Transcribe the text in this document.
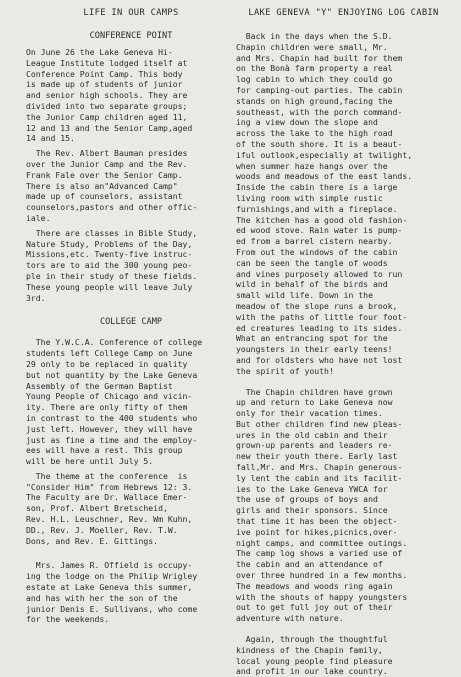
LIFE IN OUR CAMPS
CONFERENCE POINT
On June 26 the Lake Geneva Hi-
League Institute lodged itself at
Conference Point Camp. This body
is made up of students of junior
and senior high schools. They are
divided into two separate groups;
the Junior Camp children aged 11,
12 and 13 and the Senior Camp,aged
14 and 15.
The Rev. Albert Bauman presides
over the Junior Camp and the Rev.
Frank Fale over the Senior Camp.
There is also an"Advanced Camp"
made up of counselors, assistant
counselors,pastors and other offic-
iale.
There are classes in Bible Study,
Nature Study, Problems of the Day,
Missions,etc. Twenty-five instruc-
tors are to aid the 300 young peo-
ple in their study of these fields.
These young people will leave July
3rd.
COLLEGE CAMP
The Y.W.C.A. Conference of college
students left College Camp on June
29 only to be replaced in quality
but not quantity by the Lake Geneva
Assembly of the German Baptist
Young People of Chicago and vicin-
ity. There are only fifty of them
in contrast to the 400 students who
just left. However, they will have
just as fine a time and the employ-
ees will have a rest. This group
will be here until July 5.
The theme at the conference  is
"Consider Him" from Hebrews 12: 3.
The Faculty are Dr. Wallace Emer-
son, Prof. Albert Bretscheid,
Rev. H.L. Leuschner, Rev. Wm Kuhn,
DD., Rev. J. Moeller, Rev. T.W.
Dons, and Rev. E. Gittings.
Mrs. James R. Offield is occupy-
ing the lodge on the Philip Wrigley
estate at Lake Geneva this summer,
and has with her the son of the
junior Denis E. Sullivans, who come
for the weekends.
LAKE GENEVA "Y" ENJOYING LOG CABIN
Back in the days when the S.D.
Chapin children were small, Mr.
and Mrs. Chapin had built for them
on the Bonà farm property a real
log cabin to which they could go
for camping-out parties. The cabin
stands on high ground,facing the
southeast, with the porch command-
ing a view down the slope and
across the lake to the high road
of the south shore. It is a beaut-
iful outlook,especially at twilight,
when summer haze hangs over the
woods and meadows of the east lands.
Inside the cabin there is a large
living room with simple rustic
furnishings,and with a fireplace.
The kitchen has a good old fashion-
ed wood stove. Rain water is pump-
ed from a barrel cistern nearby.
From out the windows of the cabin
can be seen the tangle of woods
and vines purposely allowed to run
wild in behalf of the birds and
small wild life. Down in the
meadow of the slope runs a brook,
with the paths of little four foot-
ed creatures leading to its sides.
What an entrancing spot for the
youngsters in their early teens!
and for oldsters who have not lost
the spirit of youth!
The Chapin children have grown
up and return to Lake Geneva now
only for their vacation times.
But other children find new pleas-
ures in the old cabin and their
grown-up parents and leaders re-
new their youth there. Early last
fall,Mr. and Mrs. Chapin generous-
ly lent the cabin and its facilit-
ies to the Lake Geneva YWCA for
the use of groups of boys and
girls and their sponsors. Since
that time it has been the object-
ive point for hikes,picnics,over-
night camps, and committee outings.
The camp log shows a varied use of
the cabin and an attendance of
over three hundred in a few months.
The meadows and woods ring again
with the shouts of happy youngsters
out to get full joy out of their
adventure with nature.
Again, through the thoughtful
kindness of the Chapin family,
local young people find pleasure
and profit in our lake country.
